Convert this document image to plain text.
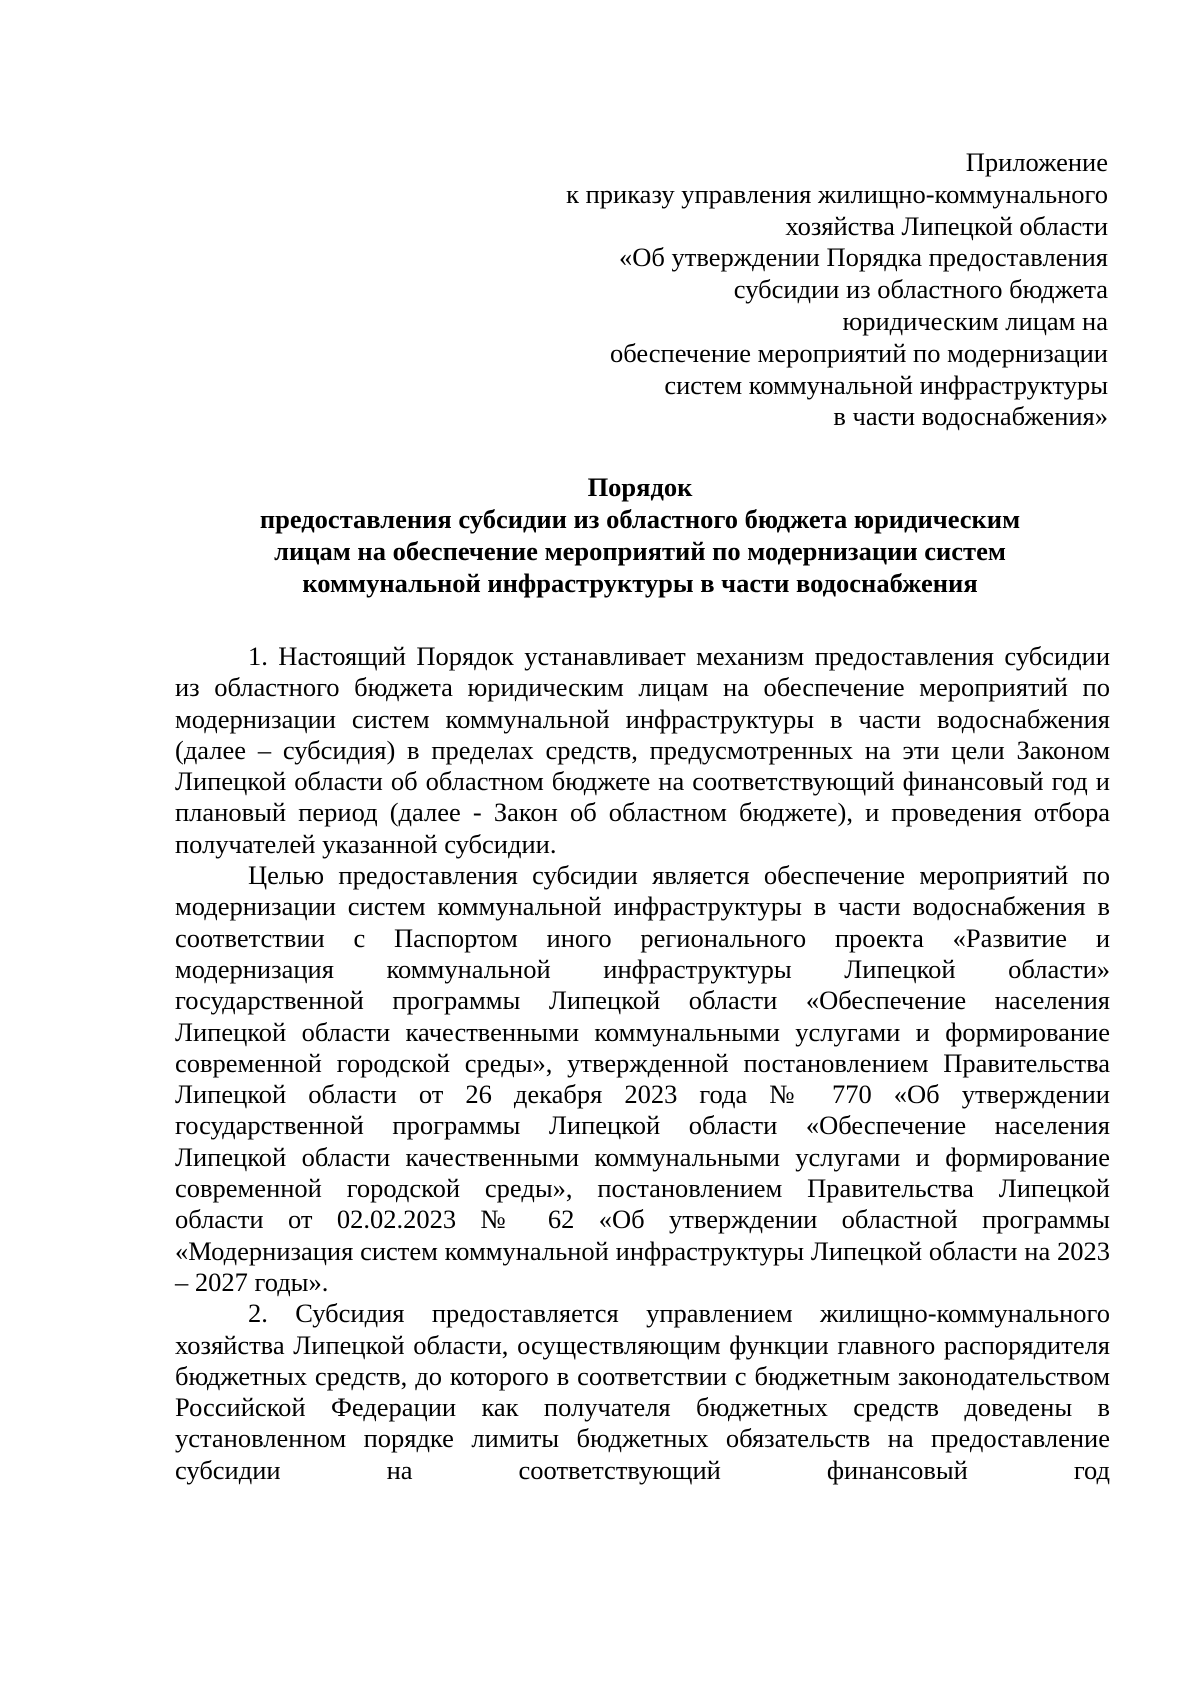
Приложение
к приказу управления жилищно-коммунального
хозяйства Липецкой области
«Об утверждении Порядка предоставления
субсидии из областного бюджета
юридическим лицам на
обеспечение мероприятий по модернизации
систем коммунальной инфраструктуры
в части водоснабжения»
Порядок
предоставления субсидии из областного бюджета юридическим
лицам на обеспечение мероприятий по модернизации систем
коммунальной инфраструктуры в части водоснабжения

1. Настоящий Порядок устанавливает механизм предоставления субсидии из областного бюджета юридическим лицам на обеспечение мероприятий по модернизации систем коммунальной инфраструктуры в части водоснабжения (далее – субсидия) в пределах средств, предусмотренных на эти цели Законом Липецкой области об областном бюджете на соответствующий финансовый год и плановый период (далее - Закон об областном бюджете), и проведения отбора получателей указанной субсидии.

Целью предоставления субсидии является обеспечение мероприятий по модернизации систем коммунальной инфраструктуры в части водоснабжения в соответствии с Паспортом иного регионального проекта «Развитие и модернизация коммунальной инфраструктуры Липецкой области» государственной программы Липецкой области «Обеспечение населения Липецкой области качественными коммунальными услугами и формирование современной городской среды», утвержденной постановлением Правительства Липецкой области от 26 декабря 2023 года № 770 «Об утверждении государственной программы Липецкой области «Обеспечение населения Липецкой области качественными коммунальными услугами и формирование современной городской среды», постановлением Правительства Липецкой области от 02.02.2023 № 62 «Об утверждении областной программы «Модернизация систем коммунальной инфраструктуры Липецкой области на 2023 – 2027 годы».

2. Субсидия предоставляется управлением жилищно-коммунального хозяйства Липецкой области, осуществляющим функции главного распорядителя бюджетных средств, до которого в соответствии с бюджетным законодательством Российской Федерации как получателя бюджетных средств доведены в установленном порядке лимиты бюджетных обязательств на предоставление субсидии на соответствующий финансовый год
